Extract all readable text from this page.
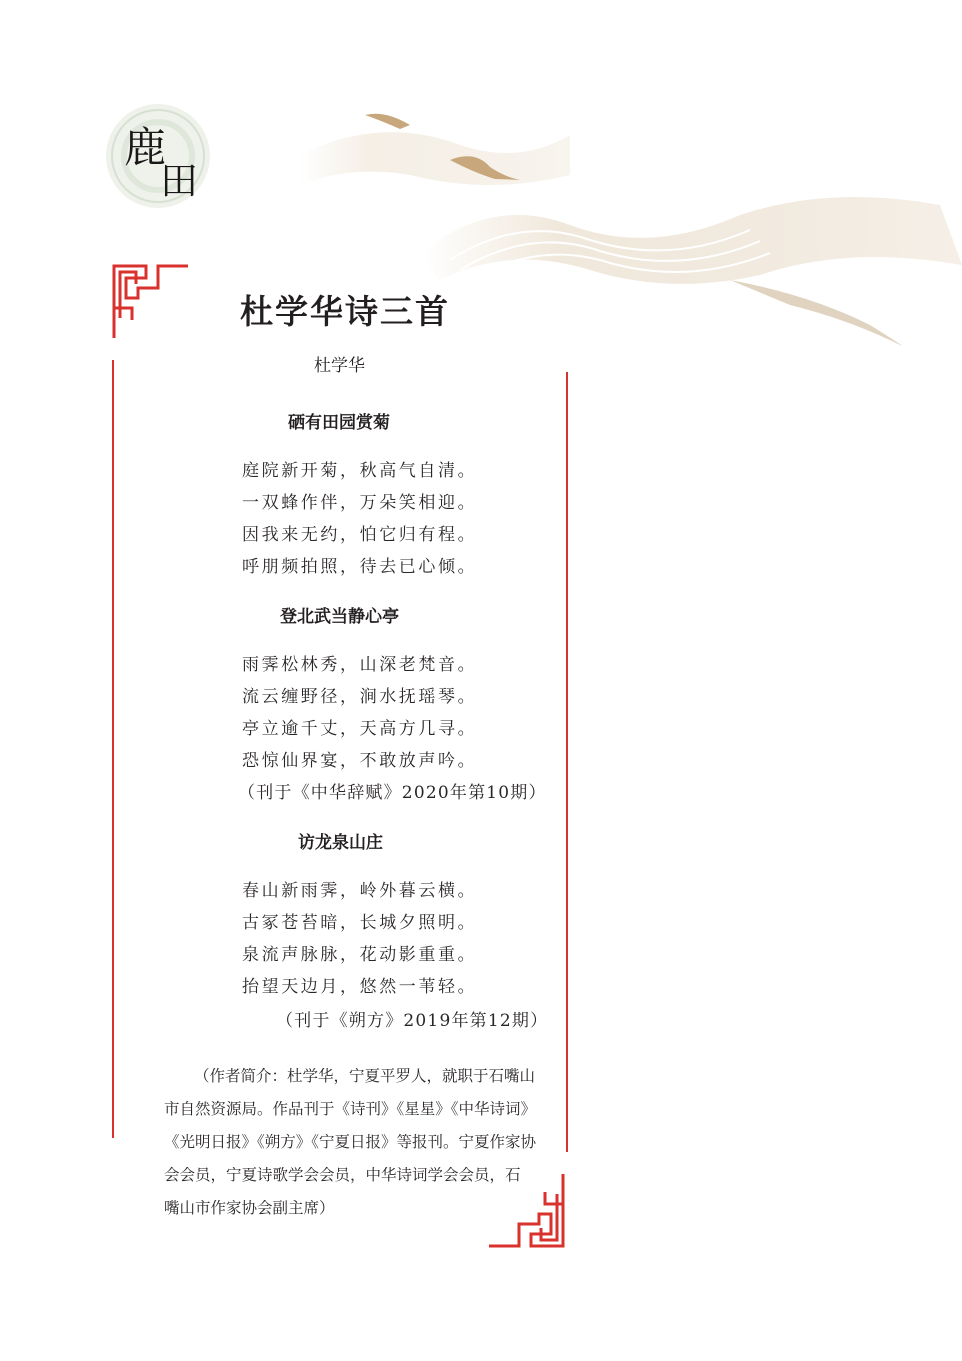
鹿
田
杜学华诗三首
杜学华
硒有田园赏菊
庭院新开菊，秋高气自清。
一双蜂作伴，万朵笑相迎。
因我来无约，怕它归有程。
呼朋频拍照，待去已心倾。
登北武当静心亭
雨霁松林秀，山深老梵音。
流云缠野径，涧水抚瑶琴。
亭立逾千丈，天高方几寻。
恐惊仙界宴，不敢放声吟。
（刊于《中华辞赋》2020年第10期）
访龙泉山庄
春山新雨霁，岭外暮云横。
古冢苍苔暗，长城夕照明。
泉流声脉脉，花动影重重。
抬望天边月，悠然一苇轻。
（刊于《朔方》2019年第12期）

（作者简介：杜学华，宁夏平罗人，就职于石嘴山

市自然资源局。作品刊于《诗刊》《星星》《中华诗词》

《光明日报》《朔方》《宁夏日报》等报刊。宁夏作家协

会会员，宁夏诗歌学会会员，中华诗词学会会员，石

嘴山市作家协会副主席）
